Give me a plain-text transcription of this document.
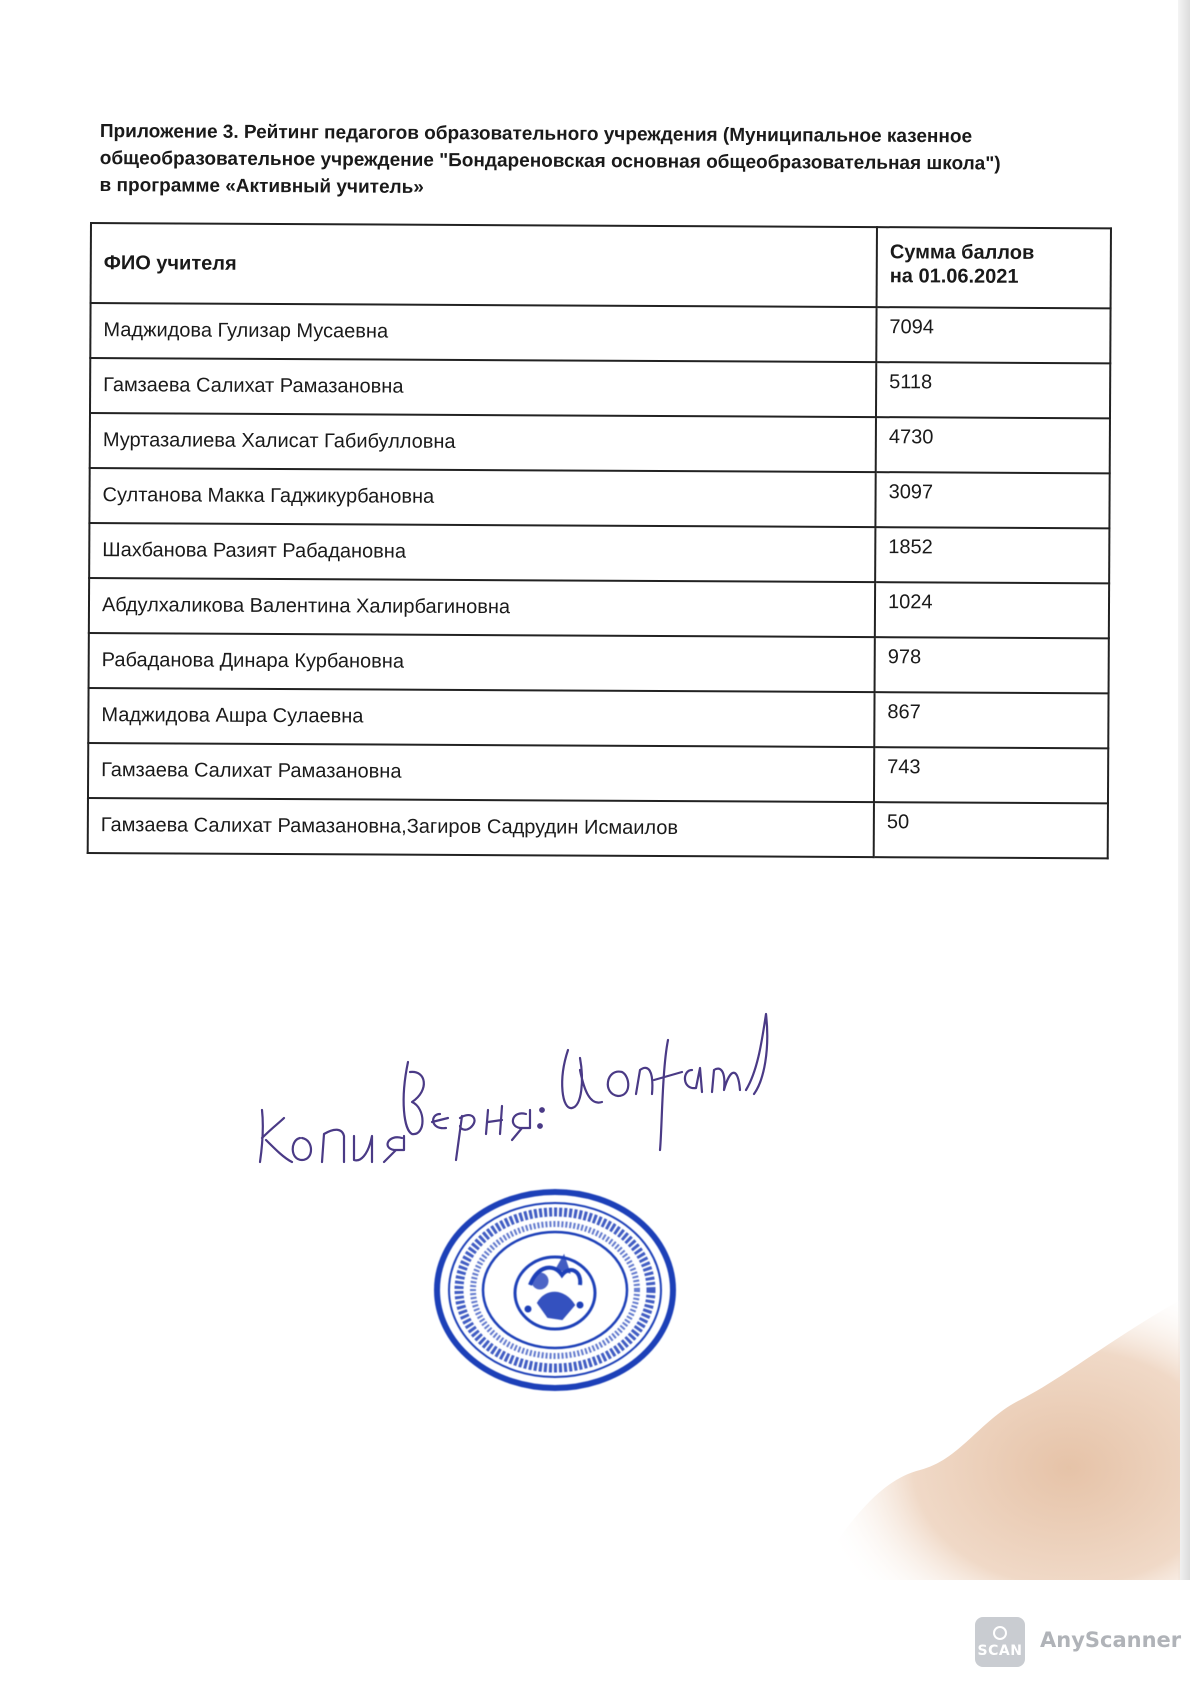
Приложение 3. Рейтинг педагогов образовательного учреждения (Муниципальное казенное
общеобразовательное учреждение "Бондареновская основная общеобразовательная школа")
в программе «Активный учитель»
ФИО учителя	Сумма баллов
на 01.06.2021

Маджидова Гулизар Мусаевна	7094
Гамзаева Салихат Рамазановна	5118
Муртазалиева Халисат Габибулловна	4730
Султанова Макка Гаджикурбановна	3097
Шахбанова Разият Рабадановна	1852
Абдулхаликова Валентина Халирбагиновна	1024
Рабаданова Динара Курбановна	978
Маджидова Ашра Сулаевна	867
Гамзаева Салихат Рамазановна	743
Гамзаева Салихат Рамазановна,Загиров Садрудин Исмаилов	50
SCAN AnyScanner
